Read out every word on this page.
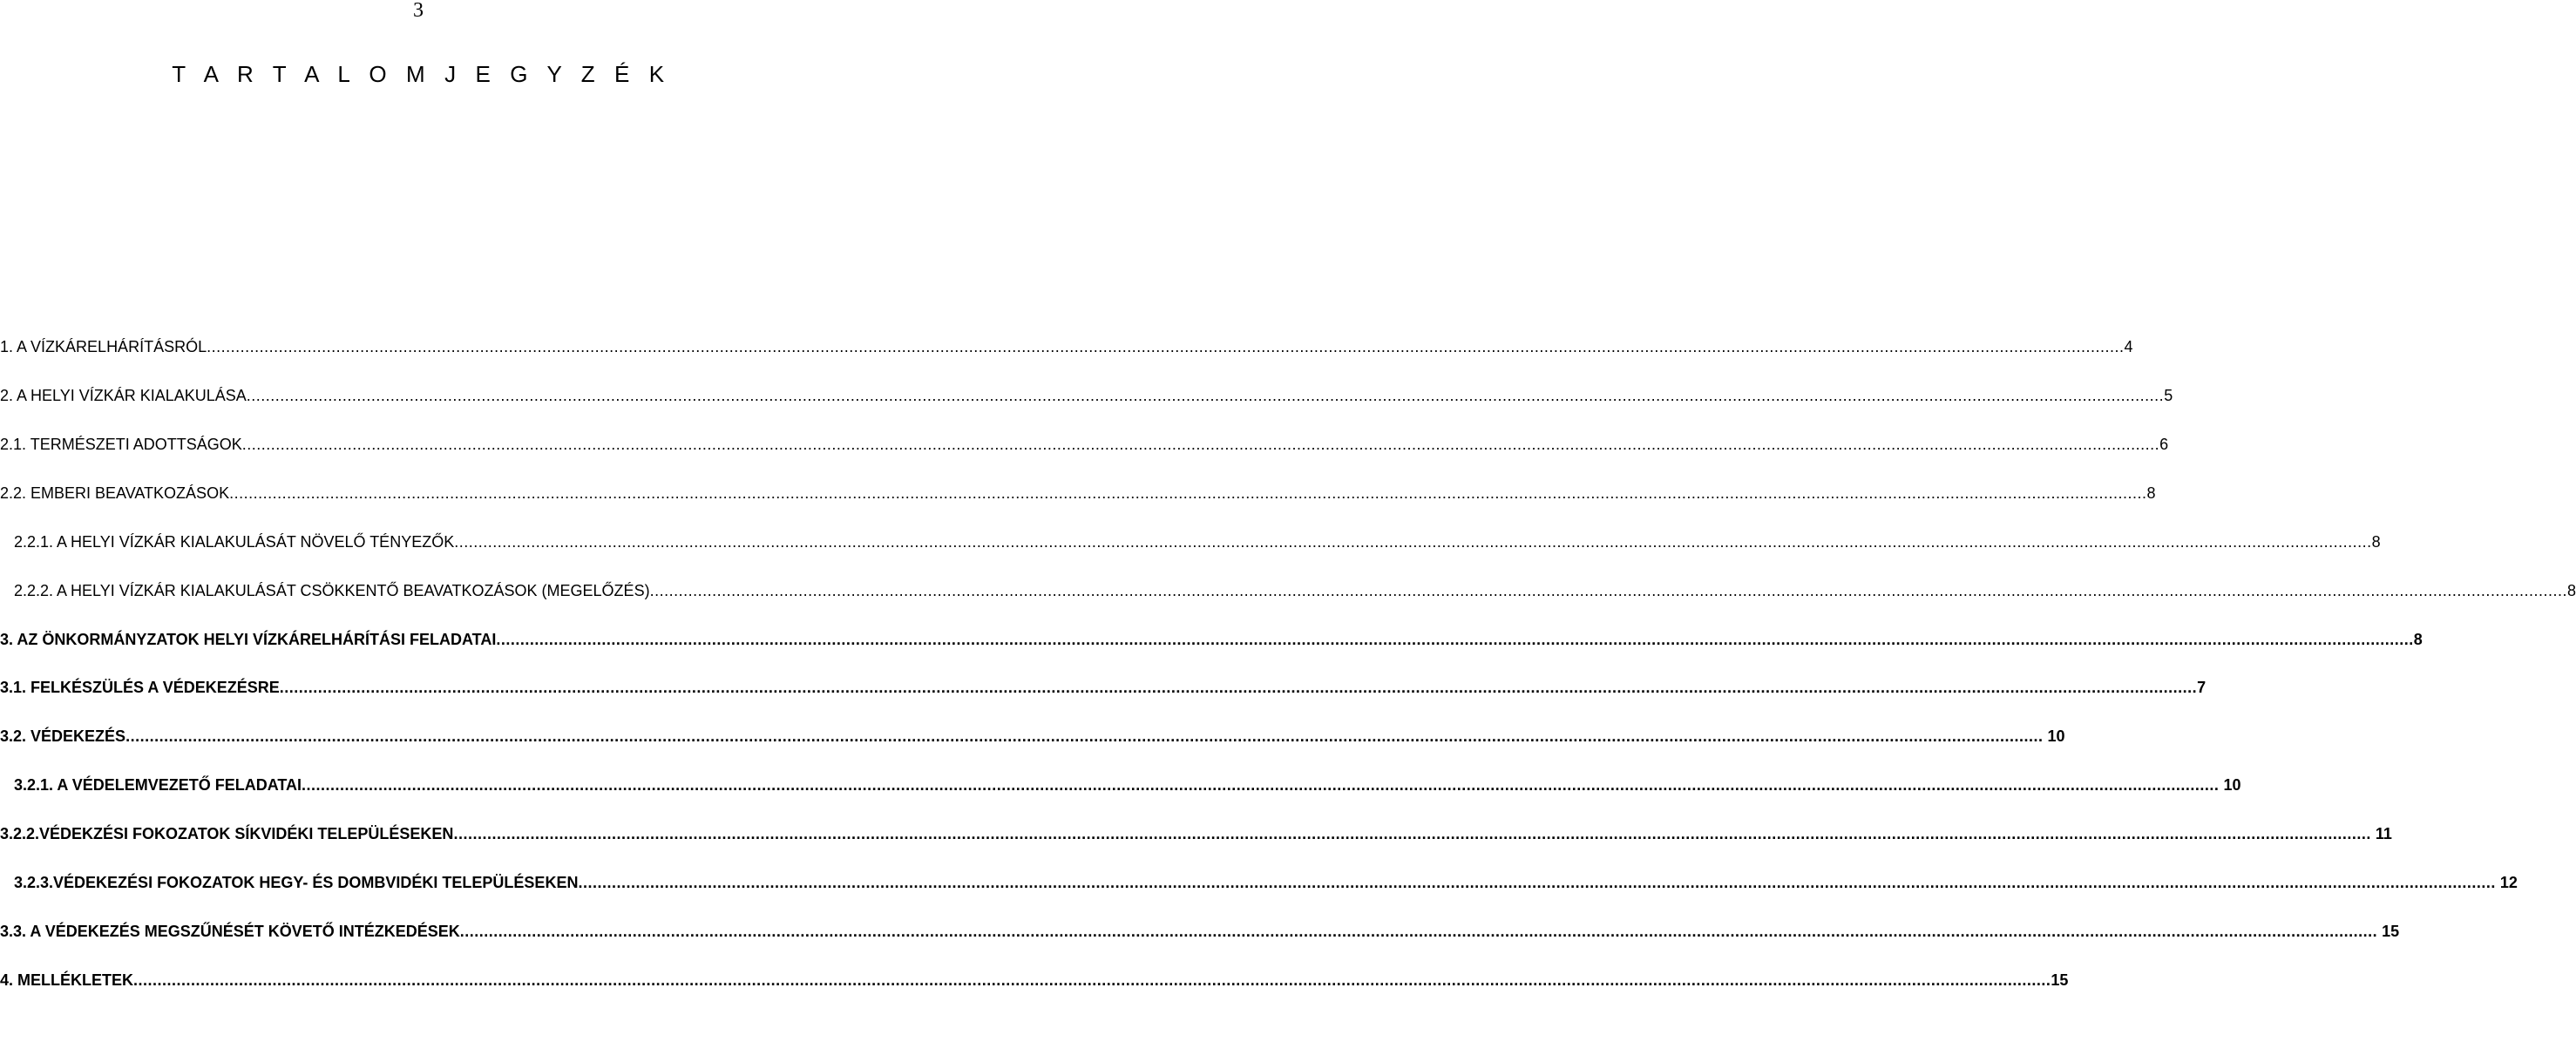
3
T A R T A L O M J E G Y Z É K
1. A VÍZKÁRELHÁRÍTÁSRÓL ................................................................................................................................................................................................................................................................................................................................................................................................................ 4
2. A HELYI VÍZKÁR KIALAKULÁSA ................................................................................................................................................................................................................................................................................................................................................................................................................ 5
2.1. TERMÉSZETI ADOTTSÁGOK ................................................................................................................................................................................................................................................................................................................................................................................................................ 6
2.2. EMBERI BEAVATKOZÁSOK ................................................................................................................................................................................................................................................................................................................................................................................................................ 8
2.2.1. A HELYI VÍZKÁR KIALAKULÁSÁT NÖVELŐ TÉNYEZŐK ................................................................................................................................................................................................................................................................................................................................................................................................................ 8
2.2.2. A HELYI VÍZKÁR KIALAKULÁSÁT CSÖKKENTŐ BEAVATKOZÁSOK (MEGELŐZÉS) ................................................................................................................................................................................................................................................................................................................................................................................................................ 8
3. AZ ÖNKORMÁNYZATOK HELYI VÍZKÁRELHÁRÍTÁSI FELADATAI ................................................................................................................................................................................................................................................................................................................................................................................................................ 8
3.1. FELKÉSZÜLÉS A VÉDEKEZÉSRE ................................................................................................................................................................................................................................................................................................................................................................................................................ 7
3.2. VÉDEKEZÉS ................................................................................................................................................................................................................................................................................................................................................................................................................ 10
3.2.1. A VÉDELEMVEZETŐ FELADATAI ................................................................................................................................................................................................................................................................................................................................................................................................................ 10
3.2.2.VÉDEKZÉSI FOKOZATOK SÍKVIDÉKI TELEPÜLÉSEKEN ................................................................................................................................................................................................................................................................................................................................................................................................................ 11
3.2.3.VÉDEKEZÉSI FOKOZATOK HEGY- ÉS DOMBVIDÉKI TELEPÜLÉSEKEN ................................................................................................................................................................................................................................................................................................................................................................................................................ 12
3.3. A VÉDEKEZÉS MEGSZŰNÉSÉT KÖVETŐ INTÉZKEDÉSEK ................................................................................................................................................................................................................................................................................................................................................................................................................ 15
4. MELLÉKLETEK ................................................................................................................................................................................................................................................................................................................................................................................................................ 15
